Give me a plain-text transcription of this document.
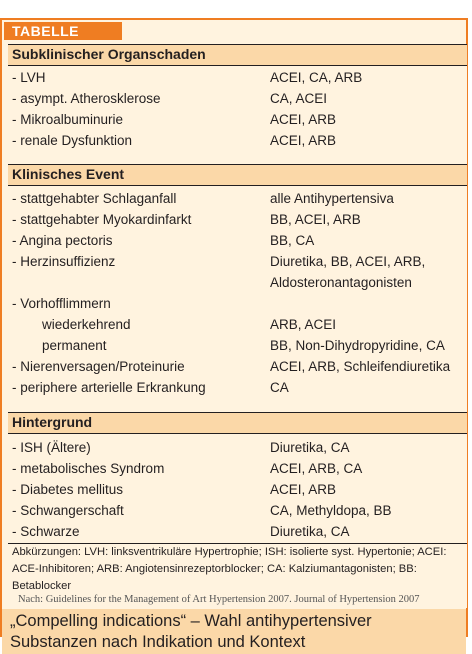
TABELLE
Subklinischer Organschaden
- LVH	ACEI, CA, ARB
- asympt. Atherosklerose	CA, ACEI
- Mikroalbuminurie	ACEI, ARB
- renale Dysfunktion	ACEI, ARB
Klinisches Event
- stattgehabter Schlaganfall	alle Antihypertensiva
- stattgehabter Myokardinfarkt	BB, ACEI, ARB
- Angina pectoris	BB, CA
- Herzinsuffizienz	Diuretika, BB, ACEI, ARB,
Aldosteronantagonisten
- Vorhofflimmern
wiederkehrend	ARB, ACEI
permanent	BB, Non-Dihydropyridine, CA
- Nierenversagen/Proteinurie	ACEI, ARB, Schleifendiuretika
- periphere arterielle Erkrankung	CA
Hintergrund
- ISH (Ältere)	Diuretika, CA
- metabolisches Syndrom	ACEI, ARB, CA
- Diabetes mellitus	ACEI, ARB
- Schwangerschaft	CA, Methyldopa, BB
- Schwarze	Diuretika, CA
Abkürzungen: LVH: linksventrikuläre Hypertrophie; ISH: isolierte syst. Hypertonie; ACEI: ACE-Inhibitoren; ARB: Angiotensinrezeptorblocker; CA: Kalziumantagonisten; BB: Betablocker
Nach: Guidelines for the Management of Art Hypertension 2007. Journal of Hypertension 2007
„Compelling indications“ – Wahl antihypertensiver Substanzen nach Indikation und Kontext
